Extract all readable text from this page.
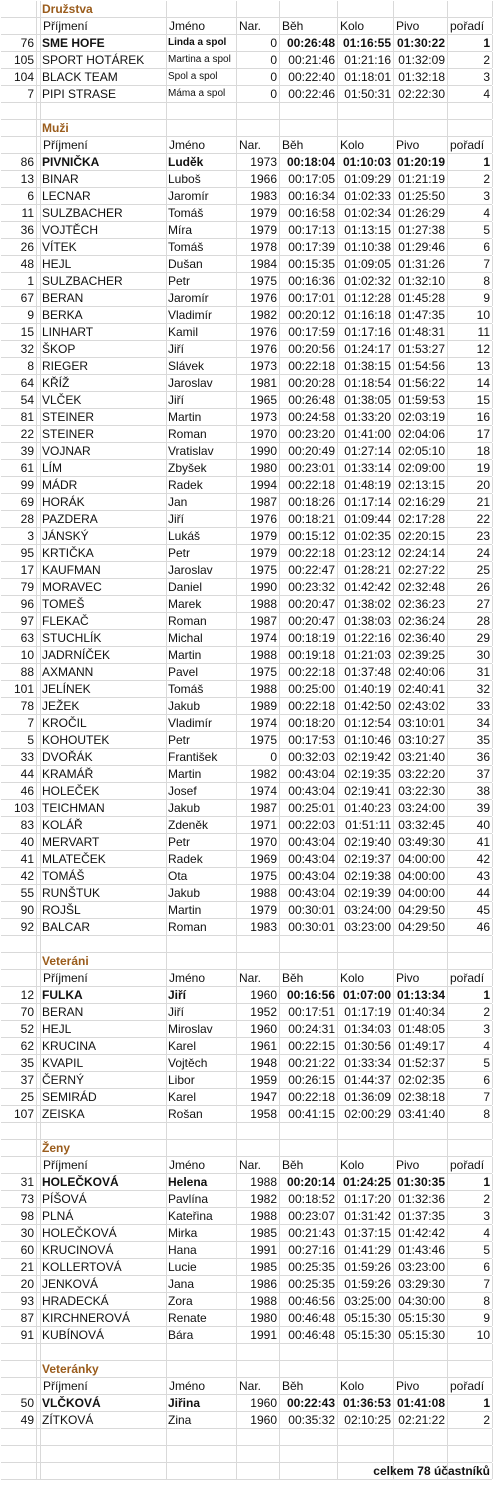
Družstva
Příjmení	Jméno	Nar.	Běh	Kolo	Pivo	pořadí
76 SME HOFE	Linda a spol	0 00:26:48 01:16:55 01:30:22	1
105 SPORT HOTÁREK	Martina a spol	0 00:21:46 01:21:16 01:32:09	2
104 BLACK TEAM	Spol a spol	0 00:22:40 01:18:01 01:32:18	3
7 PIPI STRASE	Máma a spol	0 00:22:46 01:50:31 02:22:30	4
Muži
Příjmení	Jméno	Nar.	Běh	Kolo	Pivo	pořadí
86 PIVNIČKA	Luděk	1973 00:18:04 01:10:03 01:20:19	1
13 BINAR	Luboš	1966 00:17:05 01:09:29 01:21:19	2
6 LECNAR	Jaromír	1983 00:16:34 01:02:33 01:25:50	3
11 SULZBACHER	Tomáš	1979 00:16:58 01:02:34 01:26:29	4
36 VOJTĚCH	Míra	1979 00:17:13 01:13:15 01:27:38	5
26 VÍTEK	Tomáš	1978 00:17:39 01:10:38 01:29:46	6
48 HEJL	Dušan	1984 00:15:35 01:09:05 01:31:26	7
1 SULZBACHER	Petr	1975 00:16:36 01:02:32 01:32:10	8
67 BERAN	Jaromír	1976 00:17:01 01:12:28 01:45:28	9
9 BERKA	Vladimír	1982 00:20:12 01:16:18 01:47:35	10
15 LINHART	Kamil	1976 00:17:59 01:17:16 01:48:31	11
32 ŠKOP	Jiří	1976 00:20:56 01:24:17 01:53:27	12
8 RIEGER	Slávek	1973 00:22:18 01:38:15 01:54:56	13
64 KŘÍŽ	Jaroslav	1981 00:20:28 01:18:54 01:56:22	14
54 VLČEK	Jiří	1965 00:26:48 01:38:05 01:59:53	15
81 STEINER	Martin	1973 00:24:58 01:33:20 02:03:19	16
22 STEINER	Roman	1970 00:23:20 01:41:00 02:04:06	17
39 VOJNAR	Vratislav	1990 00:20:49 01:27:14 02:05:10	18
61 LÍM	Zbyšek	1980 00:23:01 01:33:14 02:09:00	19
99 MÁDR	Radek	1994 00:22:18 01:48:19 02:13:15	20
69 HORÁK	Jan	1987 00:18:26 01:17:14 02:16:29	21
28 PAZDERA	Jiří	1976 00:18:21 01:09:44 02:17:28	22
3 JÁNSKÝ	Lukáš	1979 00:15:12 01:02:35 02:20:15	23
95 KRTIČKA	Petr	1979 00:22:18 01:23:12 02:24:14	24
17 KAUFMAN	Jaroslav	1975 00:22:47 01:28:21 02:27:22	25
79 MORAVEC	Daniel	1990 00:23:32 01:42:42 02:32:48	26
96 TOMEŠ	Marek	1988 00:20:47 01:38:02 02:36:23	27
97 FLEKAČ	Roman	1987 00:20:47 01:38:03 02:36:24	28
63 STUCHLÍK	Michal	1974 00:18:19 01:22:16 02:36:40	29
10 JADRNÍČEK	Martin	1988 00:19:18 01:21:03 02:39:25	30
88 AXMANN	Pavel	1975 00:22:18 01:37:48 02:40:06	31
101 JELÍNEK	Tomáš	1988 00:25:00 01:40:19 02:40:41	32
78 JEŽEK	Jakub	1989 00:22:18 01:42:50 02:43:02	33
7 KROČIL	Vladimír	1974 00:18:20 01:12:54 03:10:01	34
5 KOHOUTEK	Petr	1975 00:17:53 01:10:46 03:10:27	35
33 DVOŘÁK	František	0 00:32:03 02:19:42 03:21:40	36
44 KRAMÁŘ	Martin	1982 00:43:04 02:19:35 03:22:20	37
46 HOLEČEK	Josef	1974 00:43:04 02:19:41 03:22:30	38
103 TEICHMAN	Jakub	1987 00:25:01 01:40:23 03:24:00	39
83 KOLÁŘ	Zdeněk	1971 00:22:03 01:51:11 03:32:45	40
40 MERVART	Petr	1970 00:43:04 02:19:40 03:49:30	41
41 MLATEČEK	Radek	1969 00:43:04 02:19:37 04:00:00	42
42 TOMÁŠ	Ota	1975 00:43:04 02:19:38 04:00:00	43
55 RUNŠTUK	Jakub	1988 00:43:04 02:19:39 04:00:00	44
90 ROJŠL	Martin	1979 00:30:01 03:24:00 04:29:50	45
92 BALCAR	Roman	1983 00:30:01 03:23:00 04:29:50	46
Veteráni
Příjmení	Jméno	Nar.	Běh	Kolo	Pivo	pořadí
12 FULKA	Jiří	1960 00:16:56 01:07:00 01:13:34	1
70 BERAN	Jiří	1952 00:17:51 01:17:19 01:40:34	2
52 HEJL	Miroslav	1960 00:24:31 01:34:03 01:48:05	3
62 KRUCINA	Karel	1961 00:22:15 01:30:56 01:49:17	4
35 KVAPIL	Vojtěch	1948 00:21:22 01:33:34 01:52:37	5
37 ČERNÝ	Libor	1959 00:26:15 01:44:37 02:02:35	6
25 SEMIRÁD	Karel	1947 00:22:18 01:36:09 02:38:18	7
107 ZEISKA	Rošan	1958 00:41:15 02:00:29 03:41:40	8
Ženy
Příjmení	Jméno	Nar.	Běh	Kolo	Pivo	pořadí
31 HOLEČKOVÁ	Helena	1988 00:20:14 01:24:25 01:30:35	1
73 PÍŠOVÁ	Pavlína	1982 00:18:52 01:17:20 01:32:36	2
98 PLNÁ	Kateřina	1988 00:23:07 01:31:42 01:37:35	3
30 HOLEČKOVÁ	Mirka	1985 00:21:43 01:37:15 01:42:42	4
60 KRUCINOVÁ	Hana	1991 00:27:16 01:41:29 01:43:46	5
21 KOLLERTOVÁ	Lucie	1985 00:25:35 01:59:26 03:23:00	6
20 JENKOVÁ	Jana	1986 00:25:35 01:59:26 03:29:30	7
93 HRADECKÁ	Zora	1988 00:46:56 03:25:00 04:30:00	8
87 KIRCHNEROVÁ	Renate	1980 00:46:48 05:15:30 05:15:30	9
91 KUBÍNOVÁ	Bára	1991 00:46:48 05:15:30 05:15:30	10
Veteránky
Příjmení	Jméno	Nar.	Běh	Kolo	Pivo	pořadí
50 VLČKOVÁ	Jiřina	1960 00:22:43 01:36:53 01:41:08	1
49 ZÍTKOVÁ	Zina	1960 00:35:32 02:10:25 02:21:22	2
celkem 78 účastníků
